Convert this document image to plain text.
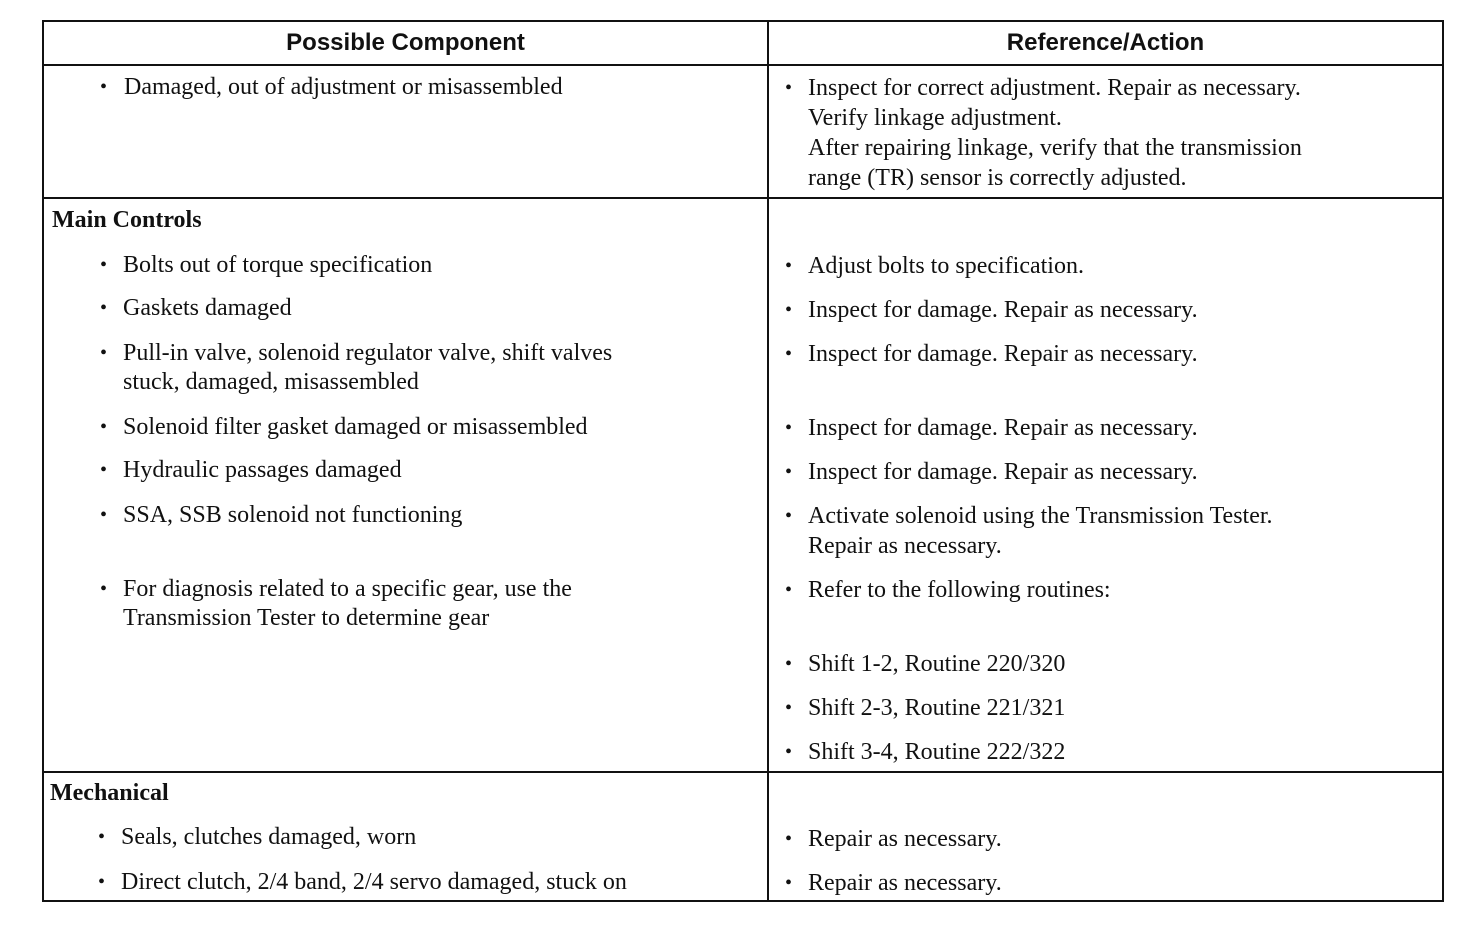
Possible Component	Reference/Action
• Damaged, out of adjustment or misassembled	• Inspect for correct adjustment. Repair as necessary.
Verify linkage adjustment.
After repairing linkage, verify that the transmission
range (TR) sensor is correctly adjusted.
Main Controls
• Bolts out of torque specification
• Gaskets damaged
• Pull-in valve, solenoid regulator valve, shift valves
stuck, damaged, misassembled
• Solenoid filter gasket damaged or misassembled
• Hydraulic passages damaged
• SSA, SSB solenoid not functioning
• For diagnosis related to a specific gear, use the
Transmission Tester to determine gear
• Adjust bolts to specification.
• Inspect for damage. Repair as necessary.
• Inspect for damage. Repair as necessary.
• Inspect for damage. Repair as necessary.
• Inspect for damage. Repair as necessary.
• Activate solenoid using the Transmission Tester.
Repair as necessary.
• Refer to the following routines:
• Shift 1-2, Routine 220/320
• Shift 2-3, Routine 221/321
• Shift 3-4, Routine 222/322
Mechanical
• Seals, clutches damaged, worn
• Direct clutch, 2/4 band, 2/4 servo damaged, stuck on
• Repair as necessary.
• Repair as necessary.
